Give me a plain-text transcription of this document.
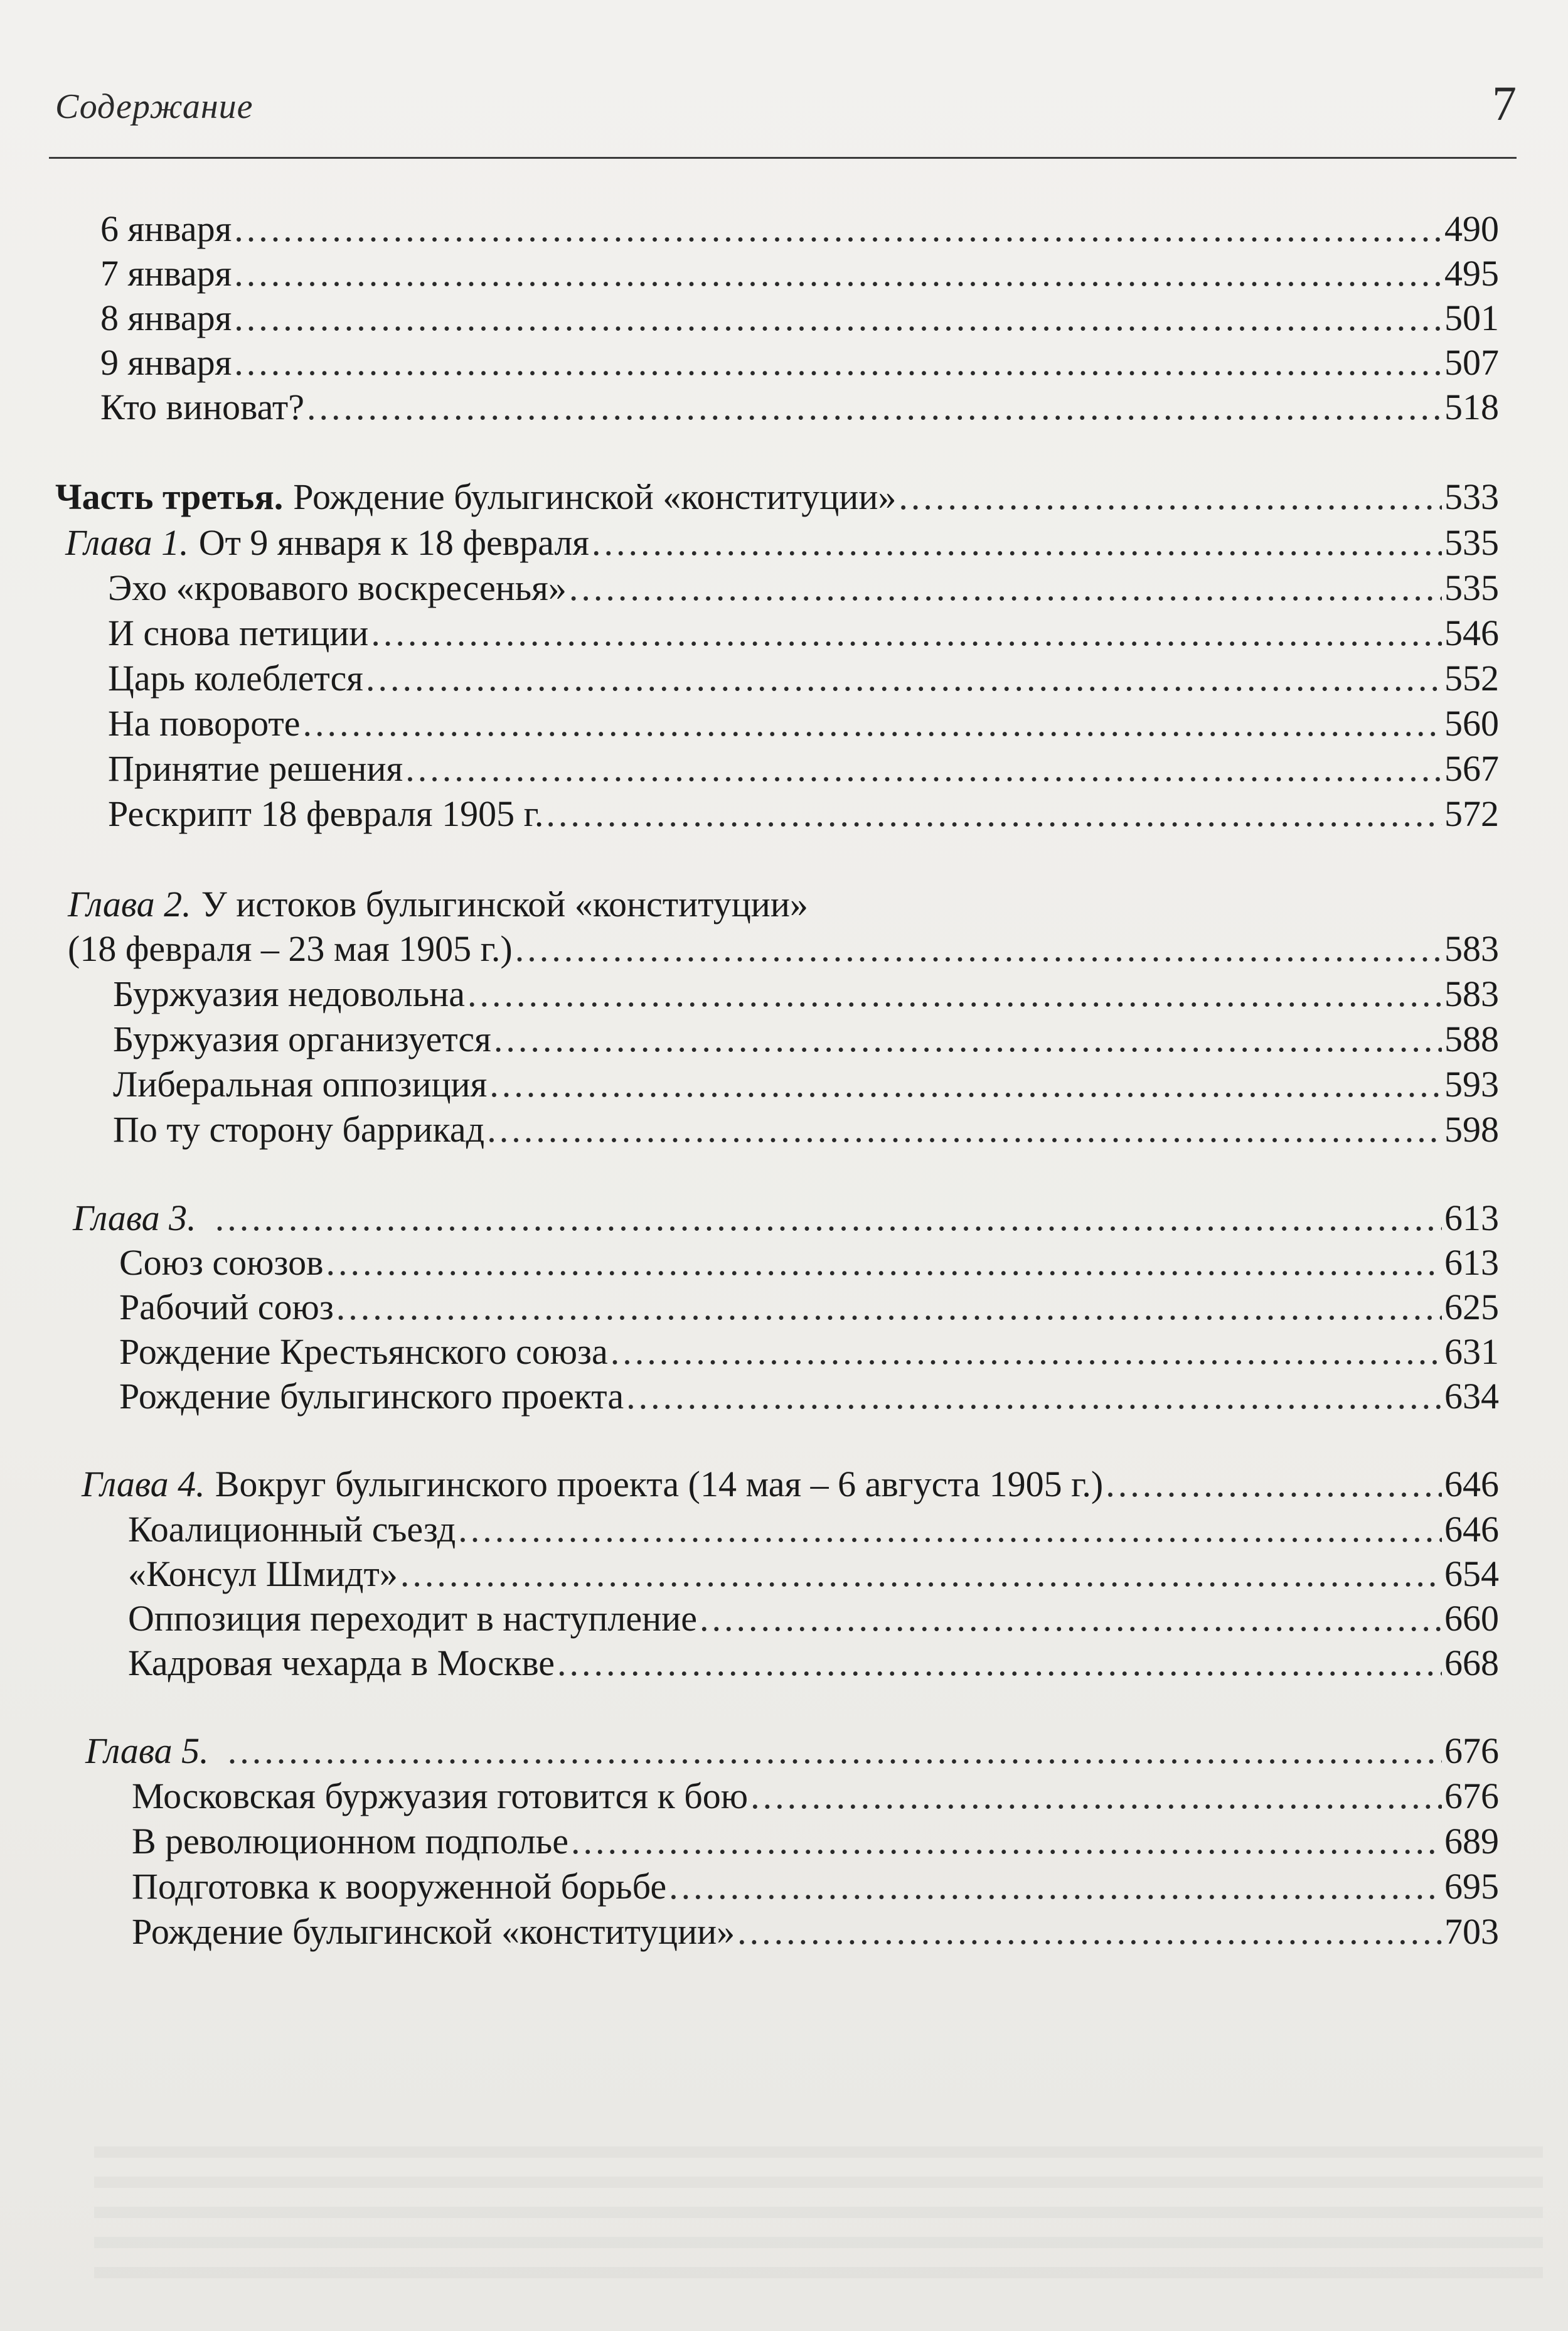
Содержание	7
6 января .....	490
7 января .....	495
8 января .....	501
9 января .....	507
Кто виноват? .....	518
Часть третья. Рождение булыгинской «конституции» .....	533
Глава 1. От 9 января к 18 февраля .....	535
Эхо «кровавого воскресенья» .....	535
И снова петиции .....	546
Царь колеблется .....	552
На повороте .....	560
Принятие решения .....	567
Рескрипт 18 февраля 1905 г. .....	572
Глава 2. У истоков булыгинской «конституции»
(18 февраля – 23 мая 1905 г.) .....	583
Буржуазия недовольна .....	583
Буржуазия организуется .....	588
Либеральная оппозиция .....	593
По ту сторону баррикад .....	598
Глава 3. .....	613
Союз союзов .....	613
Рабочий союз .....	625
Рождение Крестьянского союза .....	631
Рождение булыгинского проекта .....	634
Глава 4. Вокруг булыгинского проекта (14 мая – 6 августа 1905 г.) .....	646
Коалиционный съезд .....	646
«Консул Шмидт» .....	654
Оппозиция переходит в наступление .....	660
Кадровая чехарда в Москве .....	668
Глава 5. .....	676
Московская буржуазия готовится к бою .....	676
В революционном подполье .....	689
Подготовка к вооруженной борьбе .....	695
Рождение булыгинской «конституции» .....	703
